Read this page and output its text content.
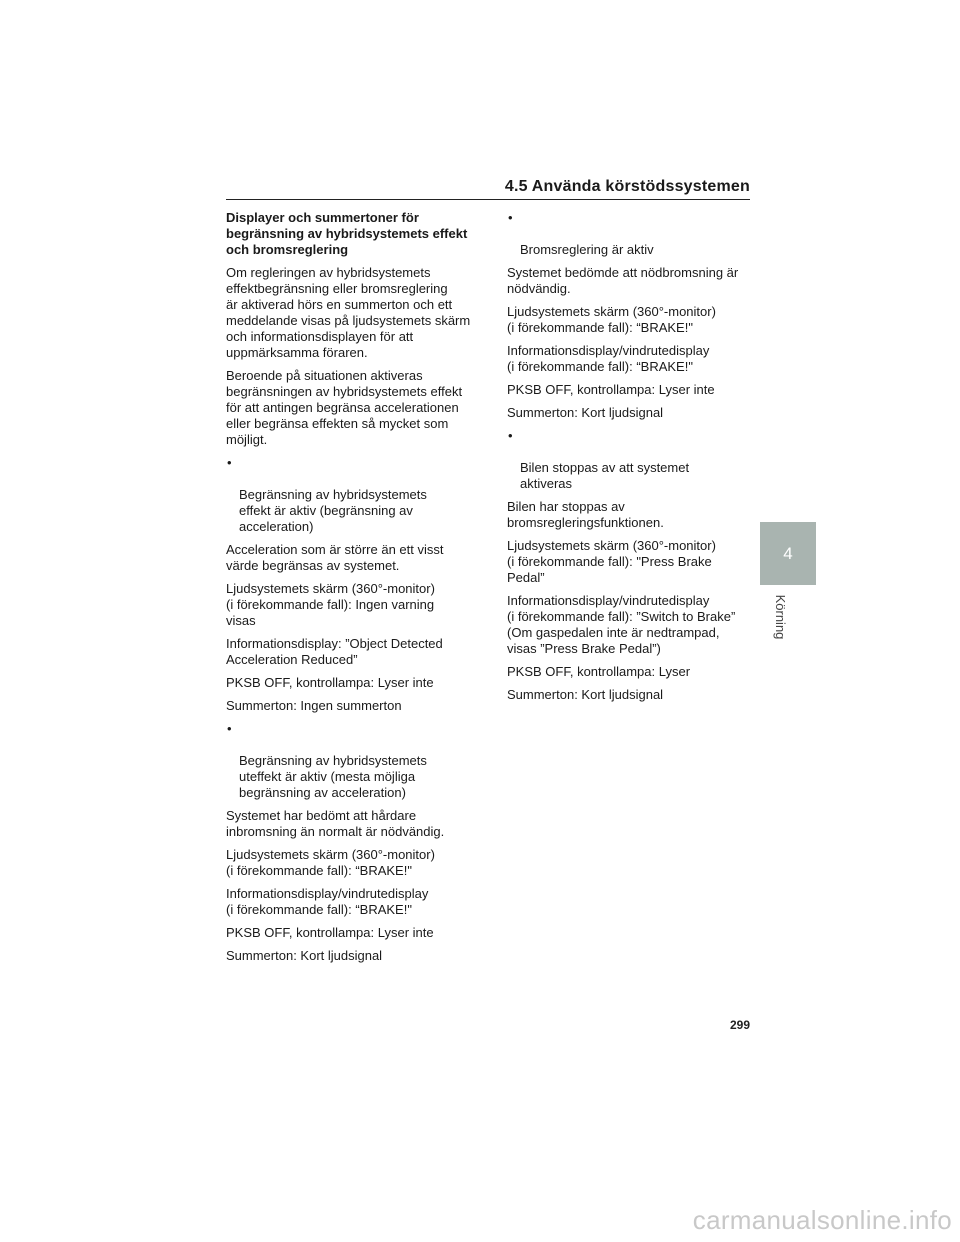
4.5 Använda körstödssystemen
Displayer och summertoner för
begränsning av hybridsystemets effekt
och bromsreglering

Om regleringen av hybridsystemets
effektbegränsning eller bromsreglering
är aktiverad hörs en summerton och ett
meddelande visas på ljudsystemets skärm
och informationsdisplayen för att
uppmärksamma föraren.

Beroende på situationen aktiveras
begränsningen av hybridsystemets effekt
för att antingen begränsa accelerationen
eller begränsa effekten så mycket som
möjligt.

•

Begränsning av hybridsystemets
effekt är aktiv (begränsning av
acceleration)

Acceleration som är större än ett visst
värde begränsas av systemet.

Ljudsystemets skärm (360°-monitor)
(i förekommande fall): Ingen varning
visas

Informationsdisplay: ”Object Detected
Acceleration Reduced”

PKSB OFF, kontrollampa: Lyser inte

Summerton: Ingen summerton

•

Begränsning av hybridsystemets
uteffekt är aktiv (mesta möjliga
begränsning av acceleration)

Systemet har bedömt att hårdare
inbromsning än normalt är nödvändig.

Ljudsystemets skärm (360°-monitor)
(i förekommande fall): “BRAKE!"

Informationsdisplay/vindrutedisplay
(i förekommande fall): “BRAKE!"

PKSB OFF, kontrollampa: Lyser inte

Summerton: Kort ljudsignal

•

Bromsreglering är aktiv

Systemet bedömde att nödbromsning är
nödvändig.

Ljudsystemets skärm (360°-monitor)
(i förekommande fall): “BRAKE!"

Informationsdisplay/vindrutedisplay
(i förekommande fall): “BRAKE!"

PKSB OFF, kontrollampa: Lyser inte

Summerton: Kort ljudsignal

•

Bilen stoppas av att systemet
aktiveras

Bilen har stoppas av
bromsregleringsfunktionen.

Ljudsystemets skärm (360°-monitor)
(i förekommande fall): "Press Brake
Pedal”

Informationsdisplay/vindrutedisplay
(i förekommande fall): ”Switch to Brake”
(Om gaspedalen inte är nedtrampad,
visas ”Press Brake Pedal”)

PKSB OFF, kontrollampa: Lyser

Summerton: Kort ljudsignal

4
Körning
299
carmanualsonline.info
